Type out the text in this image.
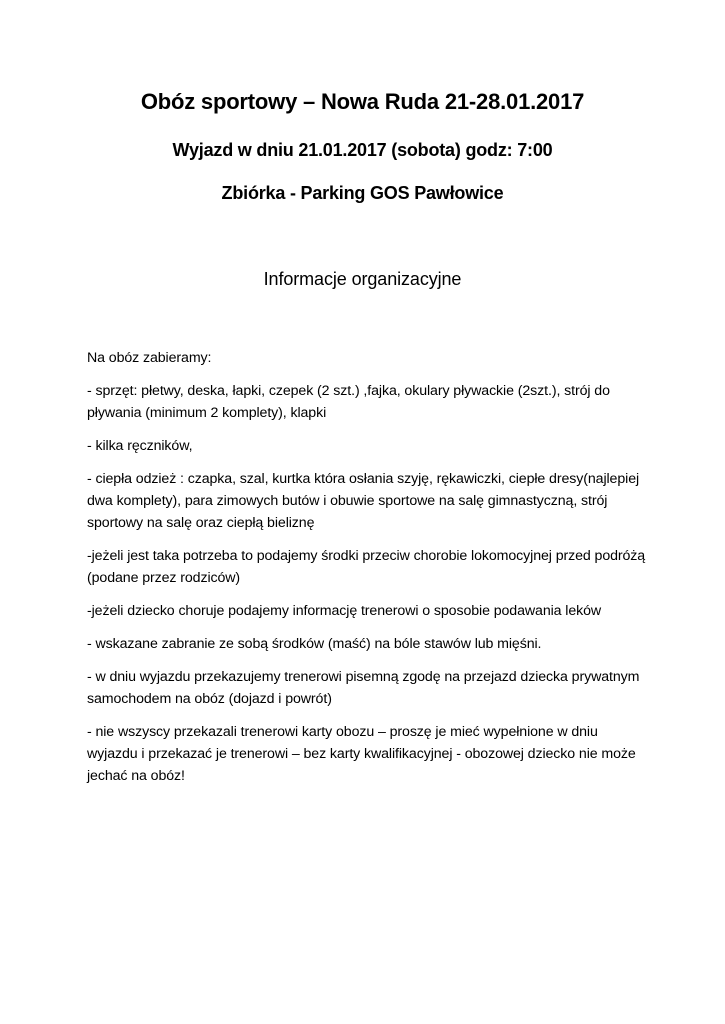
Obóz sportowy – Nowa Ruda 21-28.01.2017
Wyjazd w dniu 21.01.2017 (sobota) godz: 7:00
Zbiórka - Parking GOS Pawłowice
Informacje organizacyjne

Na obóz zabieramy:

- sprzęt: płetwy, deska, łapki, czepek (2 szt.) ,fajka, okulary pływackie (2szt.), strój do pływania (minimum 2 komplety), klapki

- kilka ręczników,

- ciepła odzież : czapka, szal, kurtka która osłania szyję, rękawiczki, ciepłe dresy(najlepiej dwa komplety), para zimowych butów i obuwie sportowe na salę gimnastyczną, strój sportowy na salę oraz ciepłą bieliznę

-jeżeli jest taka potrzeba to podajemy środki przeciw chorobie lokomocyjnej przed podróżą (podane przez rodziców)

-jeżeli dziecko choruje podajemy informację trenerowi o sposobie podawania leków

- wskazane zabranie ze sobą środków (maść) na bóle stawów lub mięśni.

- w dniu wyjazdu przekazujemy trenerowi pisemną zgodę na przejazd dziecka prywatnym samochodem na obóz (dojazd i powrót)

- nie wszyscy przekazali trenerowi karty obozu – proszę je mieć wypełnione w dniu wyjazdu i przekazać je trenerowi – bez karty kwalifikacyjnej - obozowej dziecko nie może jechać na obóz!
